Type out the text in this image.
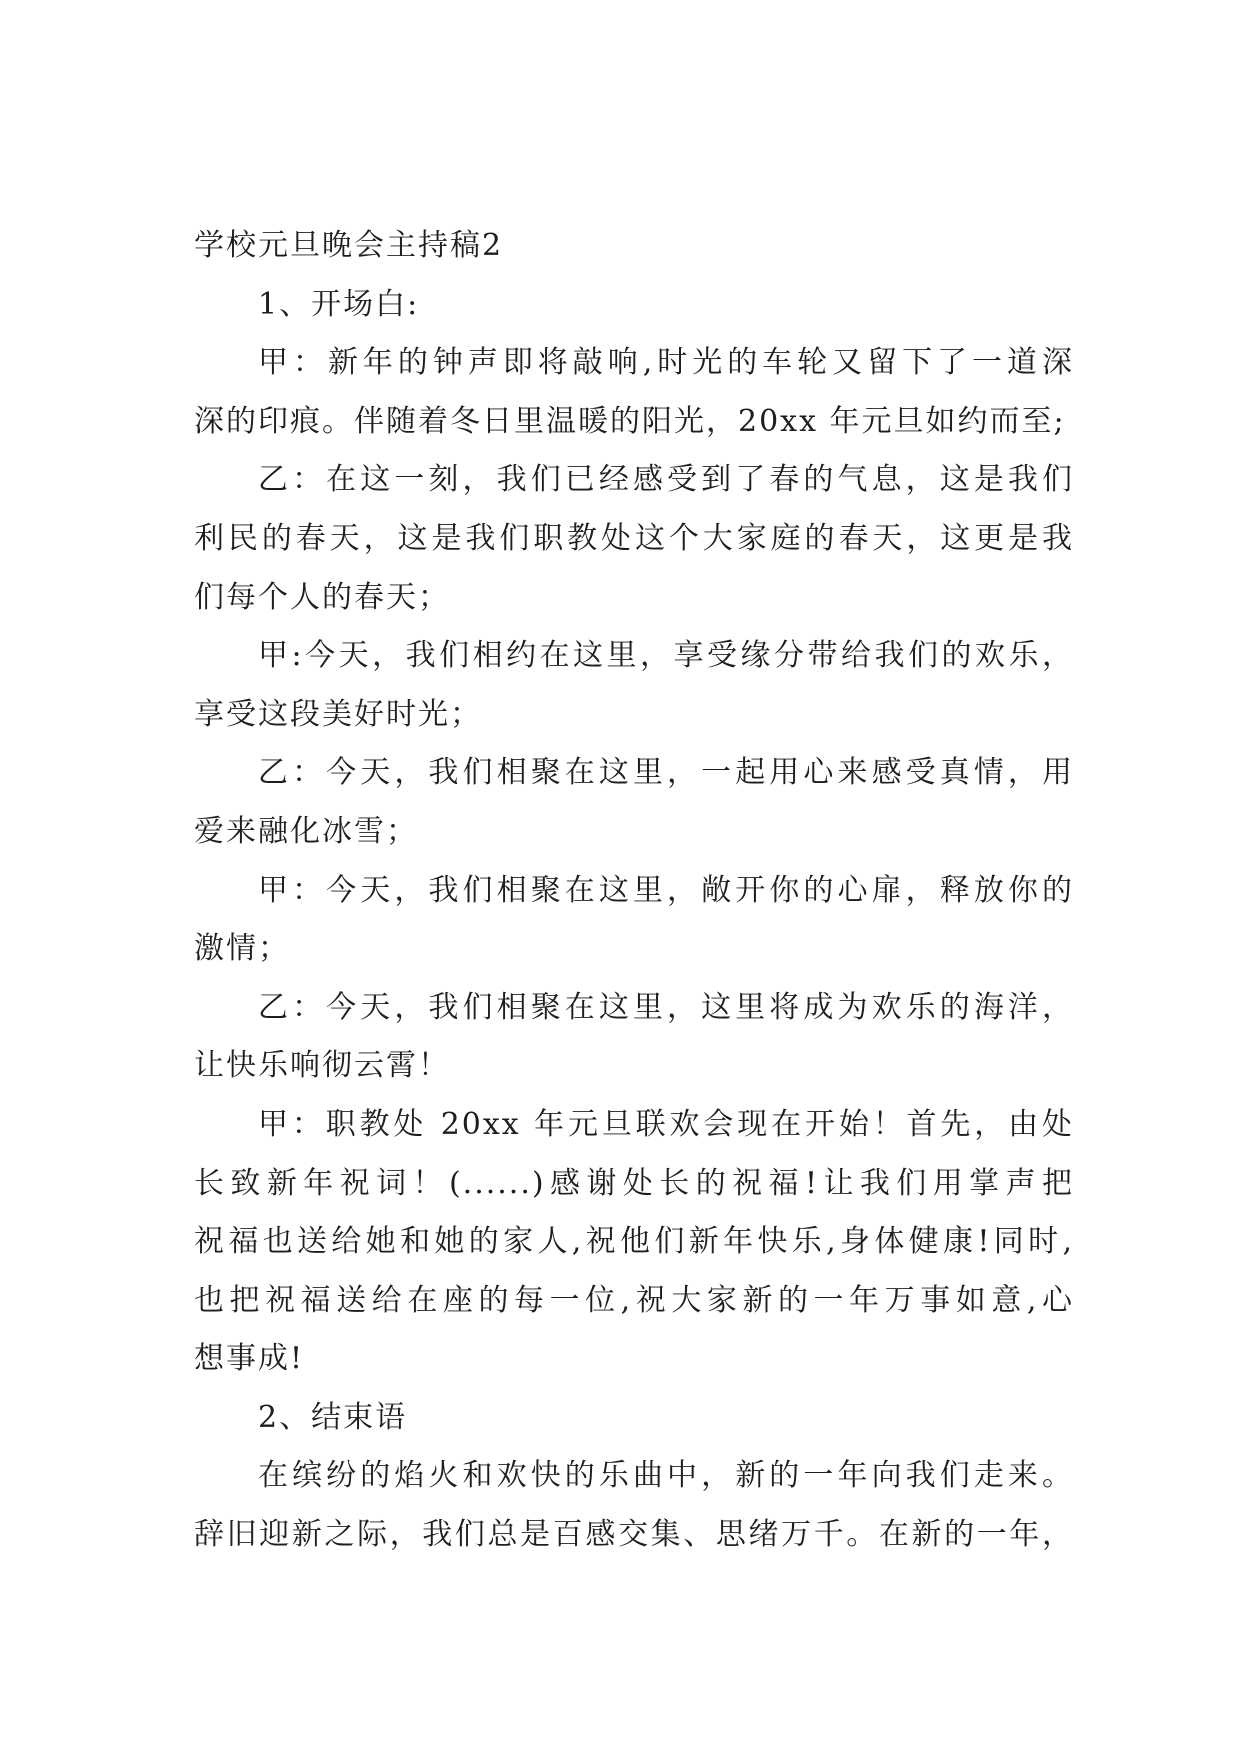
学校元旦晚会主持稿2
1、开场白:
甲：新年的钟声即将敲响,时光的车轮又留下了一道深
深的印痕。伴随着冬日里温暖的阳光，20xx 年元旦如约而至;
乙：在这一刻，我们已经感受到了春的气息，这是我们
利民的春天，这是我们职教处这个大家庭的春天，这更是我
们每个人的春天；
甲:今天，我们相约在这里，享受缘分带给我们的欢乐，
享受这段美好时光；
乙：今天，我们相聚在这里，一起用心来感受真情，用
爱来融化冰雪；
甲：今天，我们相聚在这里，敞开你的心扉，释放你的
激情；
乙：今天，我们相聚在这里，这里将成为欢乐的海洋，
让快乐响彻云霄！
甲：职教处 20xx 年元旦联欢会现在开始！首先，由处
长致新年祝词！(......)感谢处长的祝福!让我们用掌声把
祝福也送给她和她的家人,祝他们新年快乐,身体健康!同时,
也把祝福送给在座的每一位,祝大家新的一年万事如意,心
想事成!
2、结束语
在缤纷的焰火和欢快的乐曲中，新的一年向我们走来。
辞旧迎新之际，我们总是百感交集、思绪万千。在新的一年，
